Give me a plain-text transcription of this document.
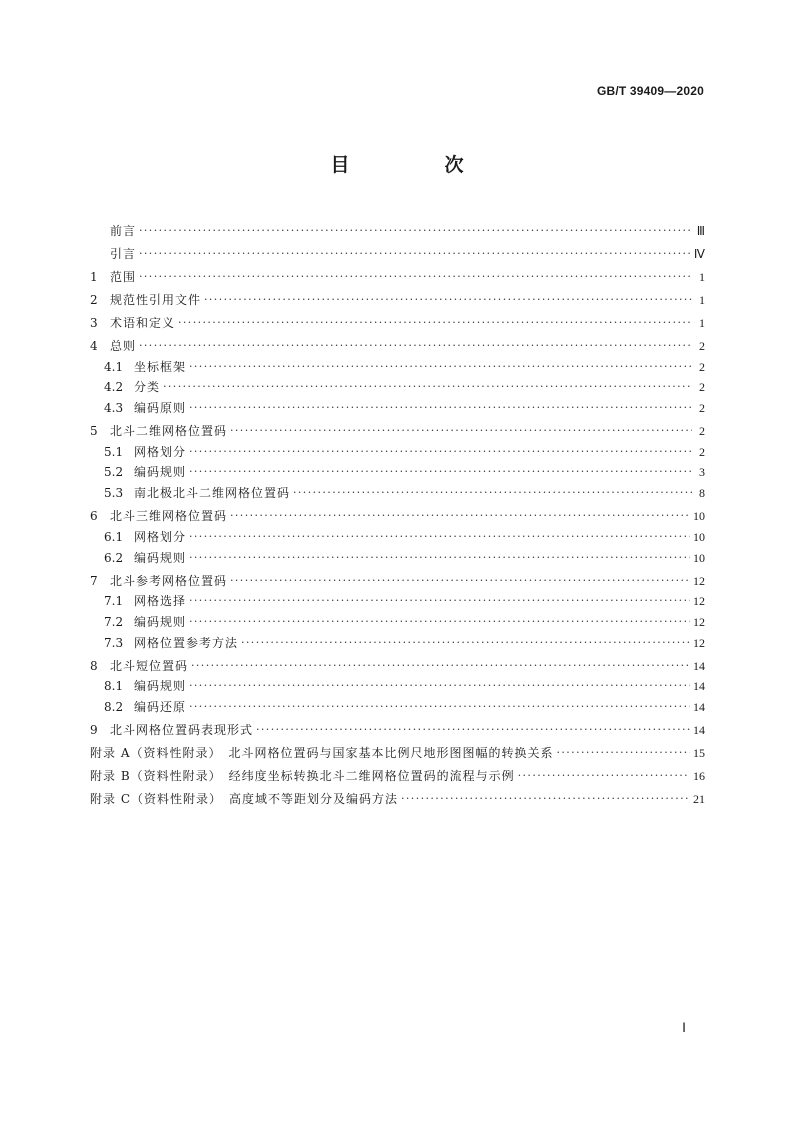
GB/T 39409—2020
目　次
前言 ·····	Ⅲ
引言 ·····	Ⅳ
1	范围 ·····	1
2	规范性引用文件 ·····	1
3	术语和定义 ·····	1
4	总则 ·····	2
4.1 坐标框架 ·····	2
4.2 分类 ·····	2
4.3 编码原则 ·····	2
5	北斗二维网格位置码 ·····	2
5.1 网格划分 ·····	2
5.2 编码规则 ·····	3
5.3 南北极北斗二维网格位置码 ·····	8
6	北斗三维网格位置码 ·····	10
6.1 网格划分 ·····	10
6.2 编码规则 ·····	10
7	北斗参考网格位置码 ·····	12
7.1 网格选择 ·····	12
7.2 编码规则 ·····	12
7.3 网格位置参考方法 ·····	12
8	北斗短位置码 ·····	14
8.1 编码规则 ·····	14
8.2 编码还原 ·····	14
9	北斗网格位置码表现形式 ·····	14
附录 A（资料性附录）　北斗网格位置码与国家基本比例尺地形图图幅的转换关系 ·····	15
附录 B（资料性附录）　经纬度坐标转换北斗二维网格位置码的流程与示例 ·····	16
附录 C（资料性附录）　高度域不等距划分及编码方法 ·····	21
Ⅰ
